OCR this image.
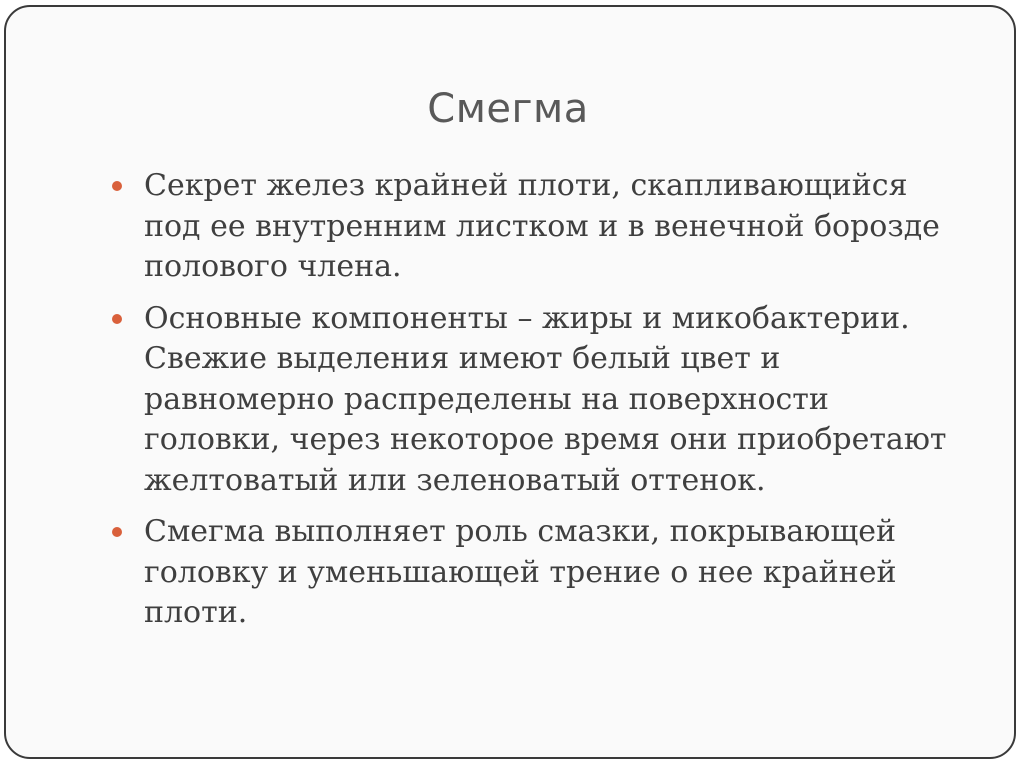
Смегма
Секрет желез крайней плоти, скапливающийся под ее внутренним листком и в венечной борозде полового члена.
Основные компоненты – жиры и микобактерии. Свежие выделения имеют белый цвет и равномерно распределены на поверхности головки, через некоторое время они приобретают желтоватый или зеленоватый оттенок.
Смегма выполняет роль смазки, покрывающей головку и уменьшающей трение о нее крайней плоти.
